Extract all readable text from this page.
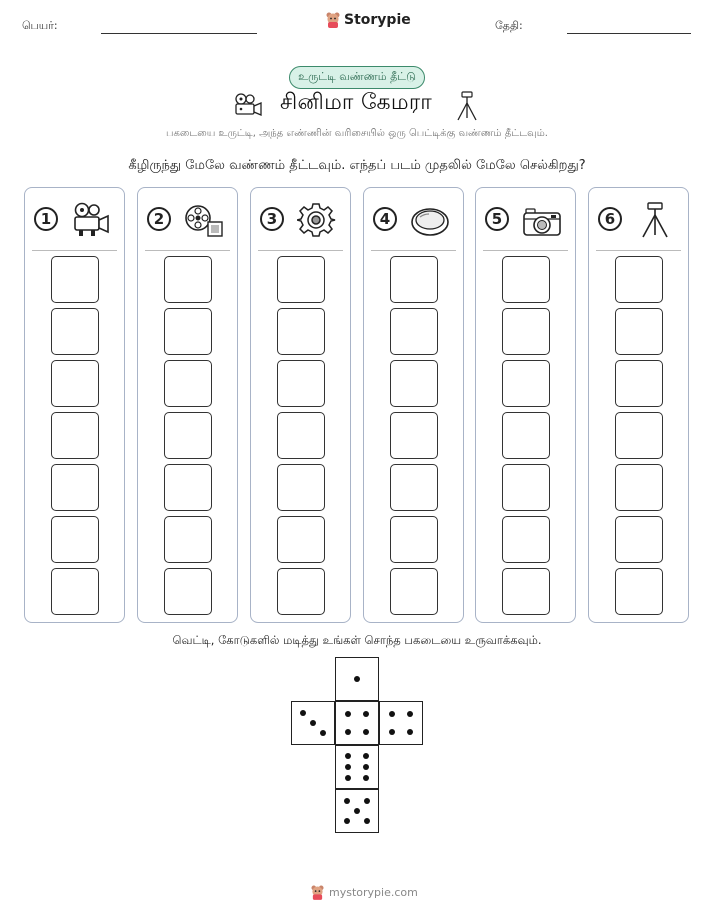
பெயர்:	Storypie	தேதி:
உருட்டி வண்ணம் தீட்டு
சினிமா கேமரா
பகடையை உருட்டி, அந்த எண்ணின் வரிசையில் ஒரு பெட்டிக்கு வண்ணம் தீட்டவும்.
கீழிருந்து மேலே வண்ணம் தீட்டவும். எந்தப் படம் முதலில் மேலே செல்கிறது?
1	2	3	4	5	6
வெட்டி, கோடுகளில் மடித்து உங்கள் சொந்த பகடையை உருவாக்கவும்.
mystorypie.com
